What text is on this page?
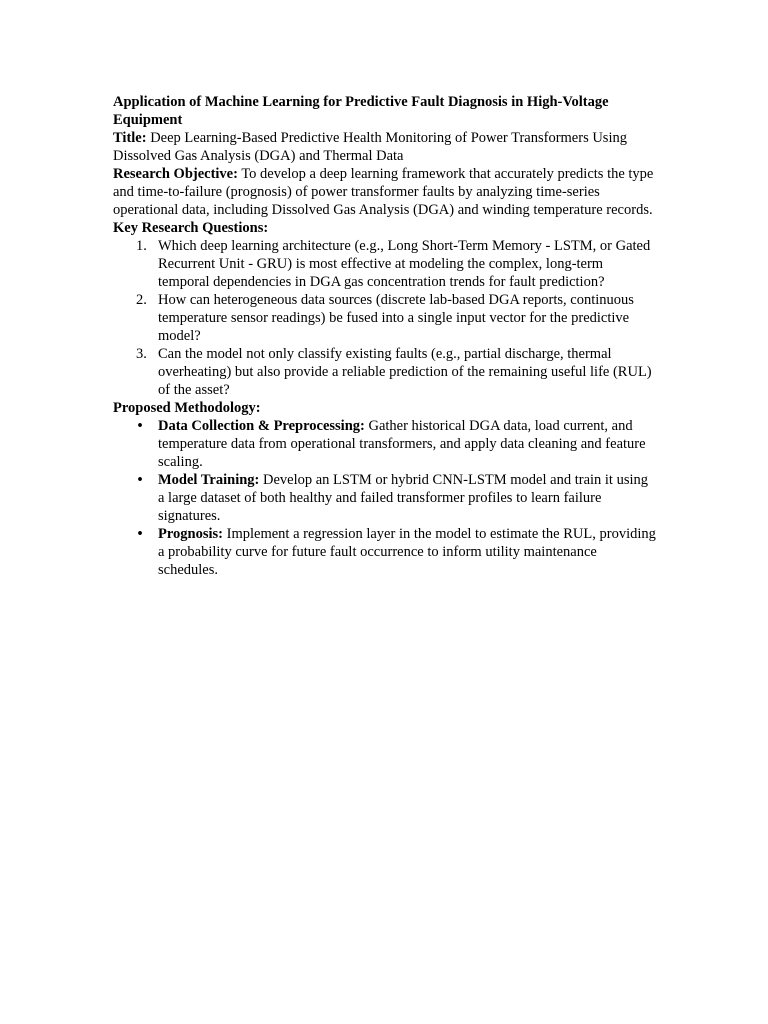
Application of Machine Learning for Predictive Fault Diagnosis in High-Voltage Equipment
Title: Deep Learning-Based Predictive Health Monitoring of Power Transformers Using Dissolved Gas Analysis (DGA) and Thermal Data
Research Objective: To develop a deep learning framework that accurately predicts the type and time-to-failure (prognosis) of power transformer faults by analyzing time-series operational data, including Dissolved Gas Analysis (DGA) and winding temperature records.
Key Research Questions:
1. Which deep learning architecture (e.g., Long Short-Term Memory - LSTM, or Gated Recurrent Unit - GRU) is most effective at modeling the complex, long-term temporal dependencies in DGA gas concentration trends for fault prediction?
2. How can heterogeneous data sources (discrete lab-based DGA reports, continuous temperature sensor readings) be fused into a single input vector for the predictive model?
3. Can the model not only classify existing faults (e.g., partial discharge, thermal overheating) but also provide a reliable prediction of the remaining useful life (RUL) of the asset?
Proposed Methodology:
• Data Collection & Preprocessing: Gather historical DGA data, load current, and temperature data from operational transformers, and apply data cleaning and feature scaling.
• Model Training: Develop an LSTM or hybrid CNN-LSTM model and train it using a large dataset of both healthy and failed transformer profiles to learn failure signatures.
• Prognosis: Implement a regression layer in the model to estimate the RUL, providing a probability curve for future fault occurrence to inform utility maintenance schedules.
